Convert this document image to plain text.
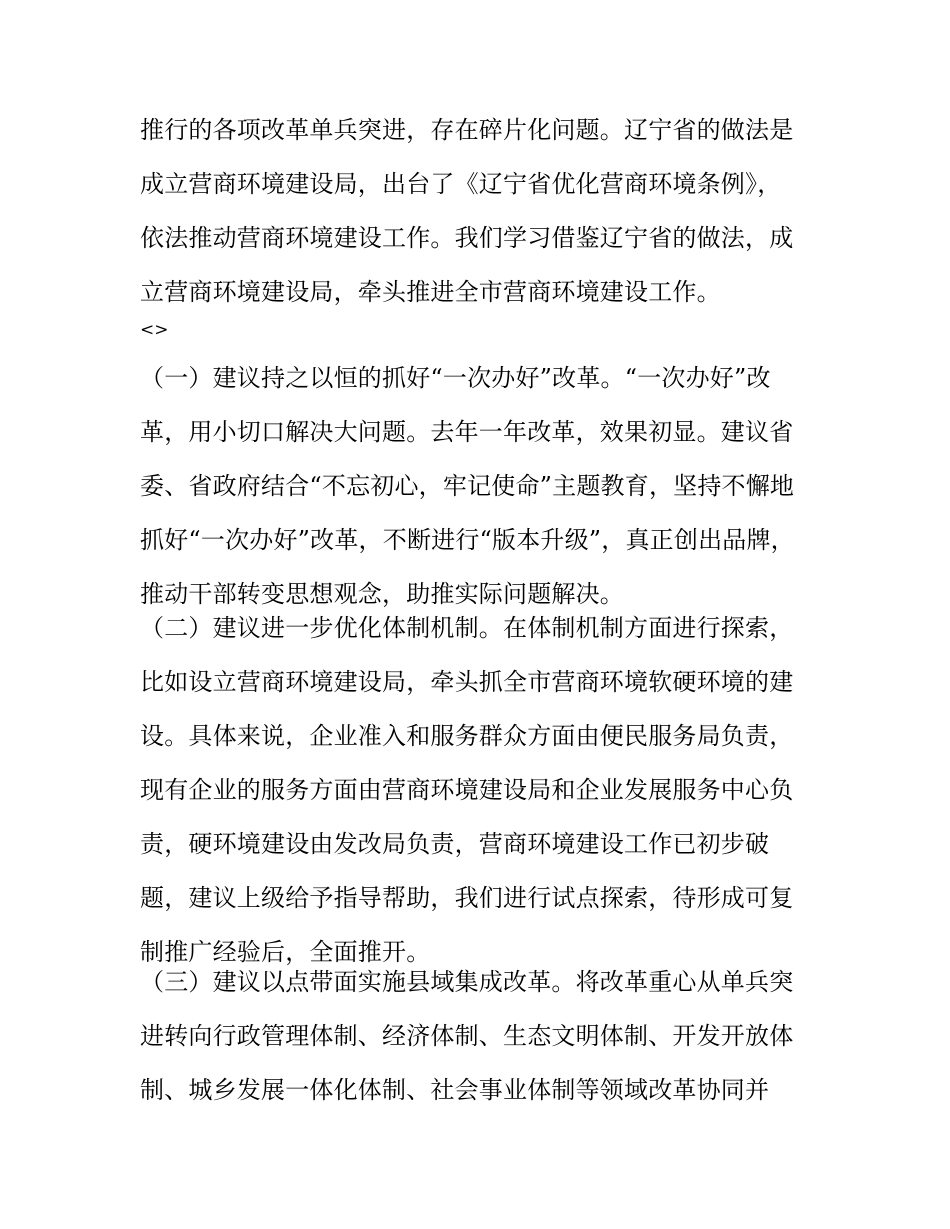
推行的各项改革单兵突进，存在碎片化问题。辽宁省的做法是
成立营商环境建设局，出台了《辽宁省优化营商环境条例》，
依法推动营商环境建设工作。我们学习借鉴辽宁省的做法，成
立营商环境建设局，牵头推进全市营商环境建设工作。
<>
（一）建议持之以恒的抓好“一次办好”改革。“一次办好”改
革，用小切口解决大问题。去年一年改革，效果初显。建议省
委、省政府结合“不忘初心，牢记使命”主题教育，坚持不懈地
抓好“一次办好”改革，不断进行“版本升级”，真正创出品牌，
推动干部转变思想观念，助推实际问题解决。
（二）建议进一步优化体制机制。在体制机制方面进行探索，
比如设立营商环境建设局，牵头抓全市营商环境软硬环境的建
设。具体来说，企业准入和服务群众方面由便民服务局负责，
现有企业的服务方面由营商环境建设局和企业发展服务中心负
责，硬环境建设由发改局负责，营商环境建设工作已初步破
题，建议上级给予指导帮助，我们进行试点探索，待形成可复
制推广经验后，全面推开。
（三）建议以点带面实施县域集成改革。将改革重心从单兵突
进转向行政管理体制、经济体制、生态文明体制、开发开放体
制、城乡发展一体化体制、社会事业体制等领域改革协同并
